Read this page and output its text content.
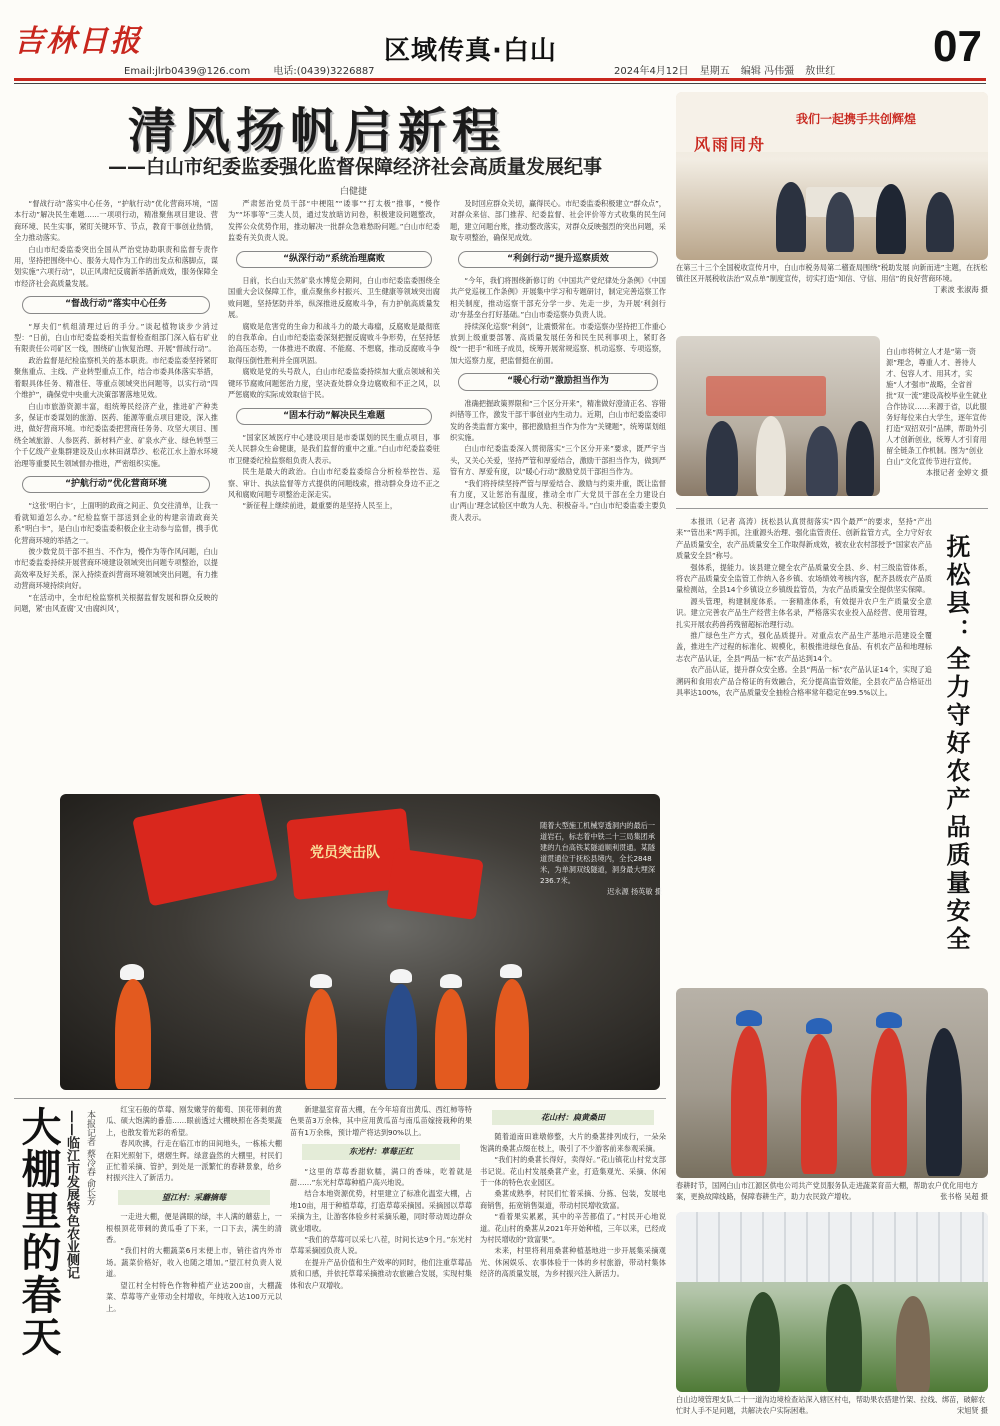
吉林日报	区域传真·白山	07
Email:jlrb0439@126.com 电话:(0439)3226887	2024年4月12日 星期五 编辑 冯伟彊 敖世红
清风扬帆启新程
——白山市纪委监委强化监督保障经济社会高质量发展纪事
白健捷

“督战行动”落实中心任务，“护航行动”优化营商环境，“固本行动”解决民生难题……一项项行动，精准聚焦项目建设、营商环境、民生实事，紧盯关键环节、节点，教育干事创业热情，全力推动落实。

白山市纪委监委突出全国从严治党协助职责和监督专责作用，坚持把围绕中心、服务大局作为工作的出发点和落脚点，谋划实施“六项行动”，以正风肃纪反腐新举措新成效，服务保障全市经济社会高质量发展。

“督战行动”落实中心任务

“厚夫们”机组清理过后的手分。”谈起植物谈步少消过型：“日前，白山市纪委监委相关监督检查组部门深入临右矿业有限责任公司矿区一线，围绕矿山恢复治理、开展“督战行动”。

政治监督是纪检监察机关的基本职责。市纪委监委坚持紧盯聚焦重点、主线、产业转型重点工作，结合市委具体落实举措，着眼具体任务、精准任、等重点领域突出问题等，以实行动“四个维护”，确保党中央重大决策部署落地见效。

白山市旅游资源丰富，组统筹民经济产业，推进矿产种类多，保证市委谋划的旅游、医药、能源等重点项目建设，深入推进，做好营商环境。市纪委监委把营商任务务、攻坚大项目、围绕全域旅游、人参医药、新材料产业、矿泉水产业、绿色转型三个千亿级产业集群建设及山水林田湖草沙、松花江水上游水环境治理等重要民生领域督办推进，严密组织实施。

“护航行动”优化营商环境

“这张‘明白卡’，上面明的政商之间正、负交往清单，让我一看就知道怎么办。”纪检监察干部送到企业的构建亲清政商关系“明白卡”，是白山市纪委监委积极企业主动参与监督，携手优化营商环境的举措之一。

彼少数党员干部不担当、不作为，慢作为等作风问题，白山市纪委监委持续开展营商环境建设领域突出问题专项整治，以提高效率及好关系，深入持续查纠营商环境领域突出问题，有力推动营商环境持续向好。

“在活动中，全市纪检监察机关根据监督发展和群众反映的问题，紧‘由风查腐’又‘由腐纠风’，

严肃惩治党员干部“中梗阻”“诿事”“打太极”推事，“慢作为”“坏事等”三类人员，通过发放暗访问卷，积极建设问题整改，发挥公众优势作用，推动解决一批群众急难愁盼问题。”白山市纪委监委有关负责人说。

“纵深行动”系统治理腐败

日前，长白山天然矿泉水博览会期间，白山市纪委监委围绕全国重大会议保障工作，重点聚焦乡村振兴、卫生健康等领域突出腐败问题，坚持惩防并举，纵深推进反腐败斗争，有力护航高质量发展。

腐败是危害党的生命力和战斗力的最大毒瘤，反腐败是最彻底的自我革命。白山市纪委监委深刻把握反腐败斗争形势，在坚持惩治高压态势，一体推进不敢腐、不能腐、不想腐，推动反腐败斗争取得压倒性胜利并全面巩固。

腐败是党的头号敌人，白山市纪委监委持续加大重点领域和关键环节腐败问题惩治力度，坚决查处群众身边腐败和不正之风，以严惩腐败的实际成效取信于民。

“固本行动”解决民生难题

“国家区域医疗中心建设项目是市委谋划的民生重点项目，事关人民群众生命健康，是我们监督的重中之重。”白山市纪委监委驻市卫健委纪检监察组负责人表示。

民生是最大的政治。白山市纪委监委综合分析检举控告、巡察、审计、执法监督等方式提供的问题线索，推动群众身边不正之风和腐败问题专项整治走深走实。

“新征程上继续前进，最重要的是坚持人民至上，

及时回应群众关切，赢得民心。市纪委监委积极建立“群众点”，对群众来信、部门推荐、纪委监督、社会评价等方式收集的民生问题，建立问题台账，推动整改落实，对群众反映强烈的突出问题，采取专项整治，确保见成效。

“利剑行动”提升巡察质效

“今年，我们将围绕新修订的《中国共产党纪律处分条例》《中国共产党巡视工作条例》开展集中学习和专题研讨，制定完善巡察工作相关制度，推动巡察干部充分学一步、先走一步，为开展‘利剑行动’夯基垒台打好基础。”白山市委巡察办负责人说。

持续深化巡察“利剑”，让震慑常在。市委巡察办坚持把工作重心放到上级重要部署、高质量发展任务和民生民利事项上，紧盯各级“一把手”和班子成员，统筹开展常规巡察、机动巡察、专项巡察，加大巡察力度，把监督挺在前面。

“暖心行动”激励担当作为

准确把握政策界限和“三个区分开来”，精准做好澄清正名、容错纠错等工作，激发干部干事创业内生动力。近期，白山市纪委监委印发的各类监督方案中，都把激励担当作为作为“关键题”，统筹谋划组织实施。

白山市纪委监委深入贯彻落实“三个区分开来”要求，既严宇当头，又关心关爱，坚持严管和厚爱结合，激励干部担当作为，做到严管有方、厚爱有度，以“暖心行动”激励党员干部担当作为。

“我们将持续坚持严管与厚爱结合、激励与约束并重，既让监督有力度，又让惩治有温度，推动全市广大党员干部在全力建设白山‘两山’理念试验区中敢为人先、积极奋斗。”白山市纪委监委主要负责人表示。

风雨同舟
我们一起携手共创辉煌
在第三十三个全国税收宣传月中，白山市税务局第二稽查局围绕“税助发展 向新而进”主题，在抚松镇往区开展税收法治“双点单”制度宣传，切实打造“知信、守信、用信”的良好营商环境。
丁素波 张淑海 摄
白山市将树立人才是“第一资源”理念，尊重人才、善待人才、包容人才、用其才，实施“人才强市”战略，全省首批“双一流”建设高校毕业生就业合作协议……来源于省，以此服务好每位来白大学生，逐年宣传打造“双招双引”品牌，帮助外引人才创新创业，统筹人才引育用留全链条工作机制。图为“创业白山”文化宣传节进行宣传。
本报记者 金婷文 摄
抚松县：全力守好农产品质量安全

本报讯（记者 高涛）抚松县认真贯彻落实“四个最严”的要求，坚持“产出来”“管出来”两手抓，注重源头治理、强化监管责任、创新监管方式，全力守好农产品质量安全，农产品质量安全工作取得新成效，被农业农村部授予“国家农产品质量安全县”称号。

强体系，提能力。该县建立健全农产品质量安全县、乡、村三级监管体系，将农产品质量安全监管工作纳入各乡镇、农场绩效考核内容，配齐县级农产品质量检测站，全县14个乡镇设立乡镇级监管员，为农产品质量安全提供坚实保障。

源头管理，构建制度体系。一套精准体系，有效提升农户生产质量安全意识。建立完善农产品生产经营主体名录，严格落实农业投入品经营、使用管理，扎实开展农药兽药残留超标治理行动。

推广绿色生产方式，强化品质提升。对重点农产品生产基地示范建设全覆盖，推进生产过程的标准化、规模化，积极推进绿色食品、有机农产品和地理标志农产品认证，全县“两品一标”农产品达到14个。

农产品认证，提升群众安全感。全县“两品一标”农产品认证14个，实现了追溯码和食用农产品合格证的有效融合，充分提高监管效能，全县农产品合格证出具率达100%，农产品质量安全抽检合格率常年稳定在99.5%以上。

党员突击队
随着大型施工机械穿透洞内的最后一道岩石，标志着中铁二十三局集团承建的九台高铁某隧道顺利贯通。某隧道贯通位于抚松县境内，全长2848米，为单洞双线隧道，洞身最大埋深236.7米。
迟永源 扬英敏 摄
春耕时节，国网白山市江源区供电公司共产党员服务队走进蔬菜育苗大棚，帮助农户优化用电方案，更换故障线路，保障春耕生产，助力农民致产增收。	张书格 吴超 摄
白山边境管理支队二十一道沟边境检查站深入辖区村屯，帮助果农搭建竹架、拉线、绑苗，破解农忙时人手不足问题，共解决农户实际困难。	宋旭贤 摄
大棚里的春天 ——临江市发展特色农业侧记 本报记者 蔡冷春 俞长芳

红宝石般的草莓、刚发嫩芽的葡萄、顶花带刺的黄瓜、硕大饱满的番茄……眼前透过大棚映照在各类果蔬上，也散发着光彩的希望。

春风吹拂，行走在临江市的田间地头，一栋栋大棚在阳光照射下，熠熠生辉。绿意盎然的大棚里，村民们正忙着采摘、管护，到处是一派繁忙的春耕景象，给乡村振兴注入了新活力。

望江村：采蘑摘莓

一走进大棚，便是满眼的绿，丰人满的蘑菇上，一根根顶花带刺的黄瓜垂了下来，一口下去，满生的清香。

“我们村的大棚蔬菜6月末便上市，销往省内外市场。蔬菜价格好，收入也随之增加。”望江村负责人说道。

望江村全村特色作物种植产业达200亩，大棚蔬菜、草莓等产业带动全村增收，年纯收入达100万元以上。

新建温室育苗大棚，在今年培育出黄瓜、西红柿等特色果苗3万余株，其中应用黄瓜苗与南瓜苗嫁接栽种的果苗有1万余株，预计增产将达到90%以上。

东光村：草莓正红

“这里的草莓香甜软糯，满口的香味，吃着就是甜……”东光村草莓种植户高兴地说。

结合本地资源优势，村里建立了标准化温室大棚，占地10亩，用于种植草莓，打造草莓采摘园。采摘园以草莓采摘为主，让游客体验乡村采摘乐趣，同时带动周边群众就业增收。

“我们的草莓可以采七八茬，时间长达9个月。”东光村草莓采摘园负责人说。

在提升产品价值和生产效率的同时，他们注重草莓品质和口感，并依托草莓采摘推动农旅融合发展，实现村集体和农户双增收。

花山村：扁黄桑田

随着道南田谁墩修整，大片的桑葚排列成行，一朵朵饱满的桑葚点缀在枝上，吸引了不少游客前来参观采摘。

“我们村的桑葚长得好，卖得好。”花山镇花山村党支部书记说。花山村发展桑葚产业，打造集观光、采摘、休闲于一体的特色农业园区。

桑葚成熟季，村民们忙着采摘、分拣、包装，发展电商销售，拓宽销售渠道，带动村民增收致富。

“看着果实累累，其中的辛苦都值了。”村民开心地说道。花山村的桑葚从2021年开始种植，三年以来，已经成为村民增收的“致富果”。

未来，村里将利用桑葚种植基地进一步开展集采摘观光、休闲娱乐、农事体验于一体的乡村旅游，带动村集体经济的高质量发展，为乡村振兴注入新活力。
